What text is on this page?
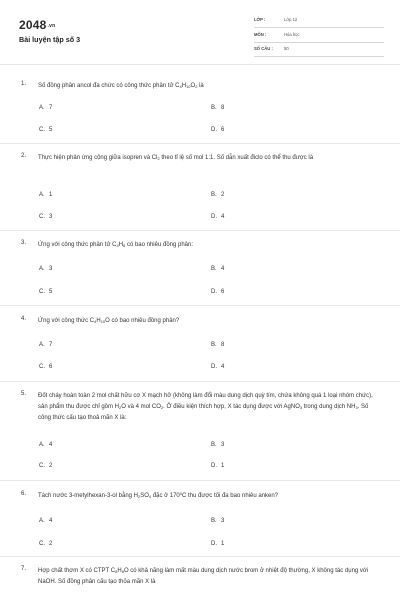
2048.vn
Bài luyện tập số 3
LỚP :	Lớp 12
MÔN :	Hóa học
SỐ CÂU :	50
1. Số đồng phân ancol đa chức có công thức phân tử $C_4H_{10}O_2$ là
A. 7	B. 8
C. 5	D. 6
2. Thực hiện phản ứng cộng giữa isopren và $Cl_2$ theo tỉ lệ số mol 1:1. Số dẫn xuất điclo có thể thu được là
A. 1	B. 2
C. 3	D. 4
3. Ứng với công thức phân tử $C_4H_8$ có bao nhiêu đồng phân:
A. 3	B. 4
C. 5	D. 6
4. Ứng với công thức $C_4H_{10}O$ có bao nhiêu đồng phân?
A. 7	B. 8
C. 6	D. 4
5. Đốt cháy hoàn toàn 2 mol chất hữu cơ X mạch hở (không làm đổi màu dung dịch quỳ tím, chứa không quá 1 loại nhóm chức), sản phẩm thu được chỉ gồm $H_2O$ và 4 mol $CO_2$. Ở điều kiện thích hợp, X tác dụng được với AgNO$_3$ trong dung dịch $NH_3$. Số công thức cấu tạo thoả mãn X là:
A. 4	B. 3
C. 2	D. 1
6. Tách nước 3-metylhexan-3-ol bằng $H_2SO_4$ đặc ở $170^0C$ thu được tối đa bao nhiêu anken?
A. 4	B. 3
C. 2	D. 1
7. Hợp chất thơm X có CTPT $C_8H_8O$ có khả năng làm mất màu dung dịch nước brom ở nhiệt độ thường, X không tác dụng với NaOH. Số đồng phân cấu tạo thỏa mãn X là
